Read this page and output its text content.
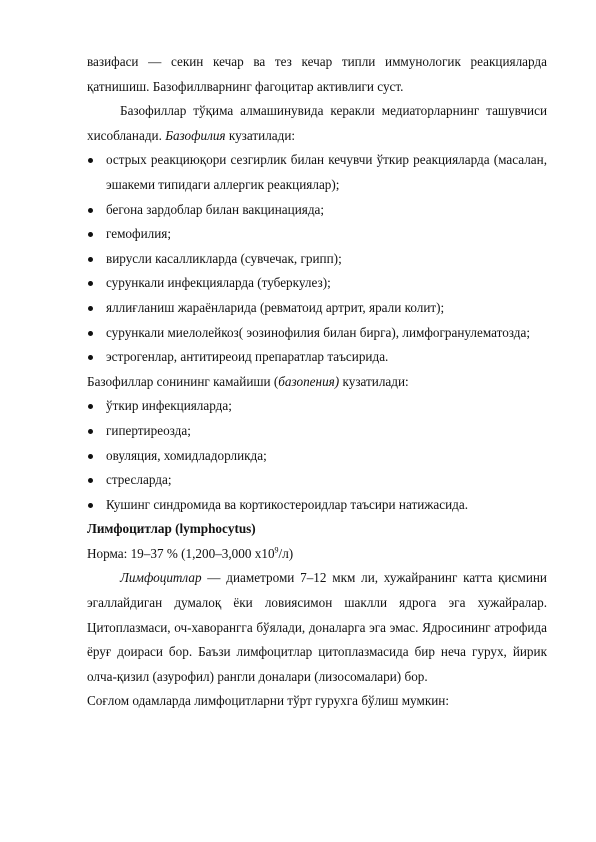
вазифаси — секин кечар ва тез кечар типли иммунологик реакцияларда қатнишиш. Базофиллварнинг фагоцитар активлиги суст.

Базофиллар тўқима алмашинувида керакли медиаторларнинг ташувчиси хисобланади. Базофилия кузатилади:

острых реакциюқори сезгирлик билан кечувчи ўткир реакцияларда (масалан, эшакеми типидаги аллергик реакциялар);
бегона зардоблар билан вакцинацияда;
гемофилия;
вирусли касалликларда (сувчечак, грипп);
сурункали инфекцияларда (туберкулез);
яллиғланиш жараёнларида (ревматоид артрит, ярали колит);
сурункали миелолейкоз( эозинофилия билан бирга), лимфогранулематозда;
эстрогенлар, антитиреоид препаратлар таъсирида.

Базофиллар сонининг камайиши (базопения) кузатилади:

ўткир инфекцияларда;
гипертиреозда;
овуляция, хомидладорликда;
стресларда;
Кушинг синдромида ва кортикостероидлар таъсири натижасида.

Лимфоцитлар (lymphocytus)

Норма: 19–37 % (1,200–3,000 $х10^9/л$)

Лимфоцитлар — диаметроми 7–12 мкм ли, хужайранинг катта қисмини эгаллайдиган думалоқ ёки ловиясимон шаклли ядрога эга хужайралар. Цитоплазмаси, оч-хаворангга бўялади, доналарга эга эмас. Ядросининг атрофида ёруғ доираси бор. Баъзи лимфоцитлар цитоплазмасида бир неча гурух, йирик олча-қизил (азурофил) рангли доналари (лизосомалари) бор.

Соғлом одамларда лимфоцитларни тўрт гурухга бўлиш мумкин:
